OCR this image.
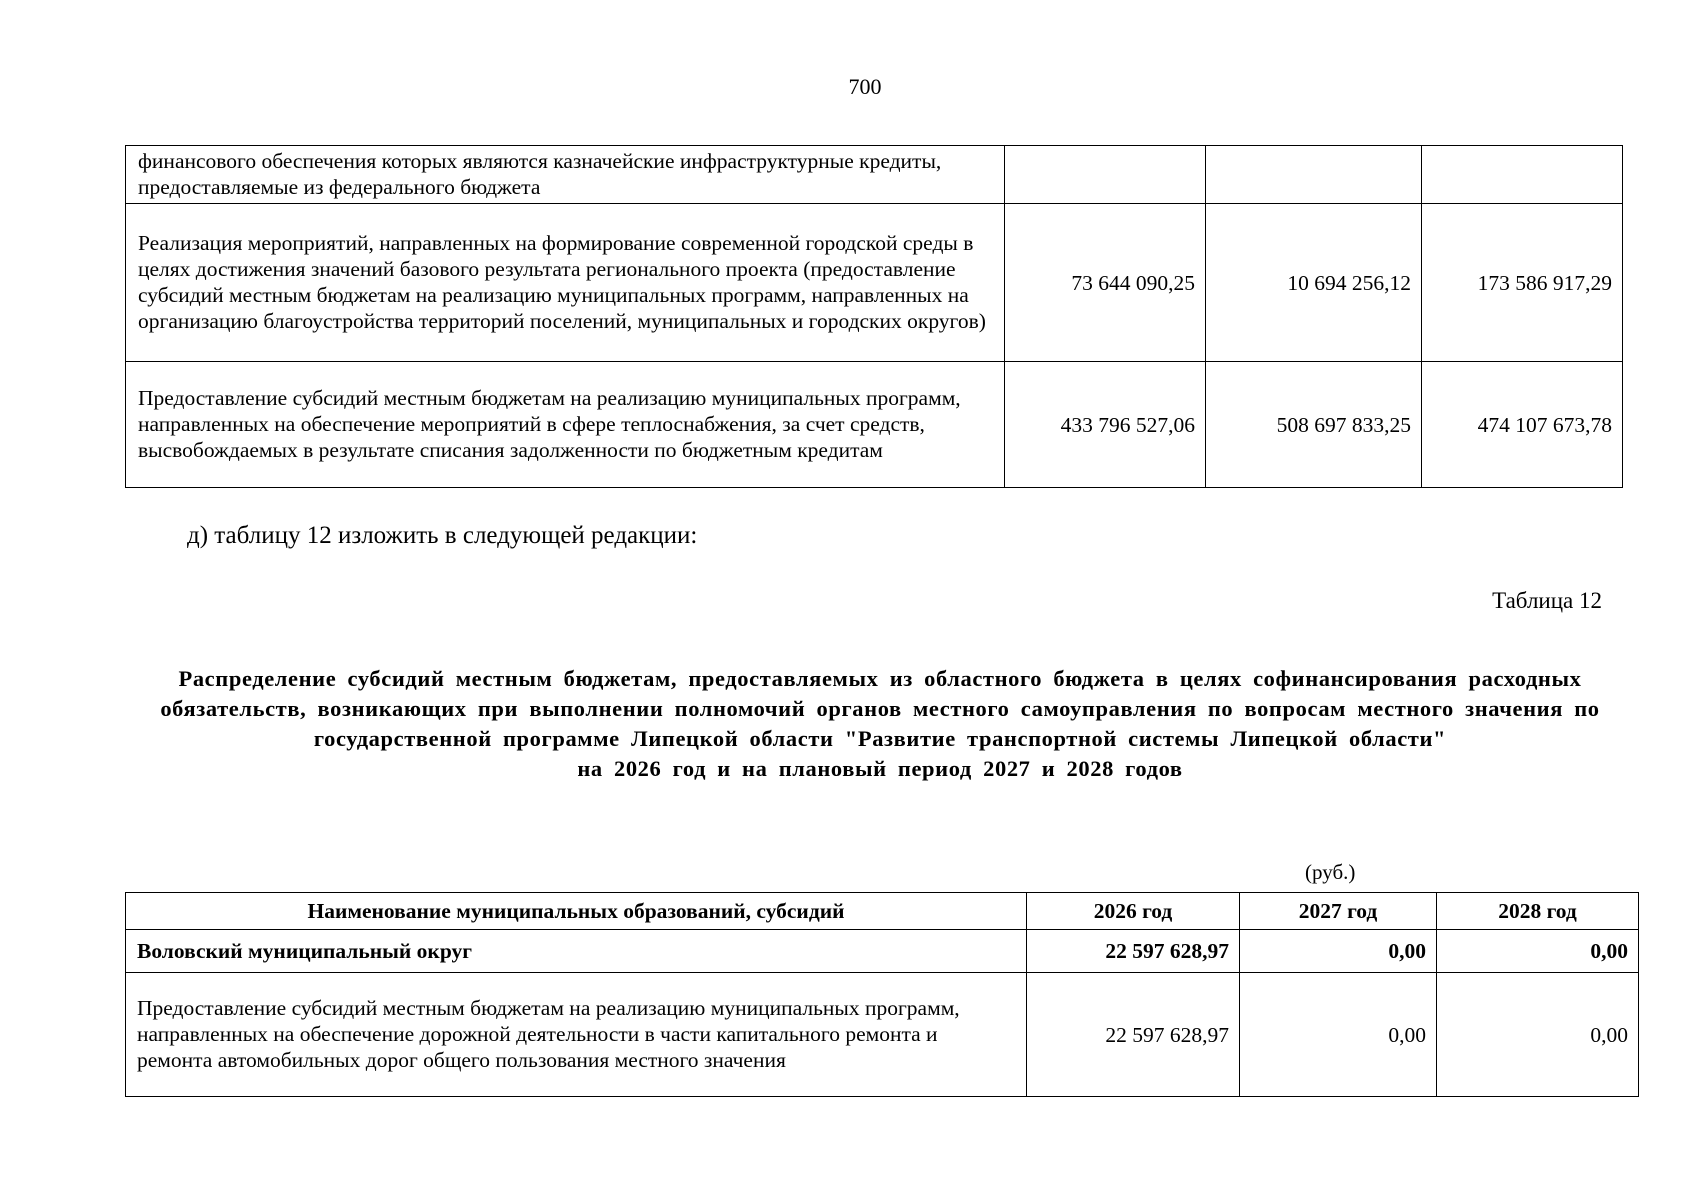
700
финансового обеспечения которых являются казначейские инфраструктурные кредиты, предоставляемые из федерального бюджета			
Реализация мероприятий, направленных на формирование современной городской среды в целях достижения значений базового результата регионального проекта (предоставление субсидий местным бюджетам на реализацию муниципальных программ, направленных на организацию благоустройства территорий поселений, муниципальных и городских округов)	73 644 090,25	10 694 256,12	173 586 917,29
Предоставление субсидий местным бюджетам на реализацию муниципальных программ, направленных на обеспечение мероприятий в сфере теплоснабжения, за счет средств, высвобождаемых в результате списания задолженности по бюджетным кредитам	433 796 527,06	508 697 833,25	474 107 673,78
д) таблицу 12 изложить в следующей редакции:
Таблица 12
Распределение субсидий местным бюджетам, предоставляемых из областного бюджета в целях софинансирования расходных обязательств, возникающих при выполнении полномочий органов местного самоуправления по вопросам местного значения по государственной программе Липецкой области "Развитие транспортной системы Липецкой области"
на 2026 год и на плановый период 2027 и 2028 годов
(руб.)
Наименование муниципальных образований, субсидий	2026 год	2027 год	2028 год
Воловский муниципальный округ	22 597 628,97	0,00	0,00
Предоставление субсидий местным бюджетам на реализацию муниципальных программ, направленных на обеспечение дорожной деятельности в части капитального ремонта и ремонта автомобильных дорог общего пользования местного значения	22 597 628,97	0,00	0,00
